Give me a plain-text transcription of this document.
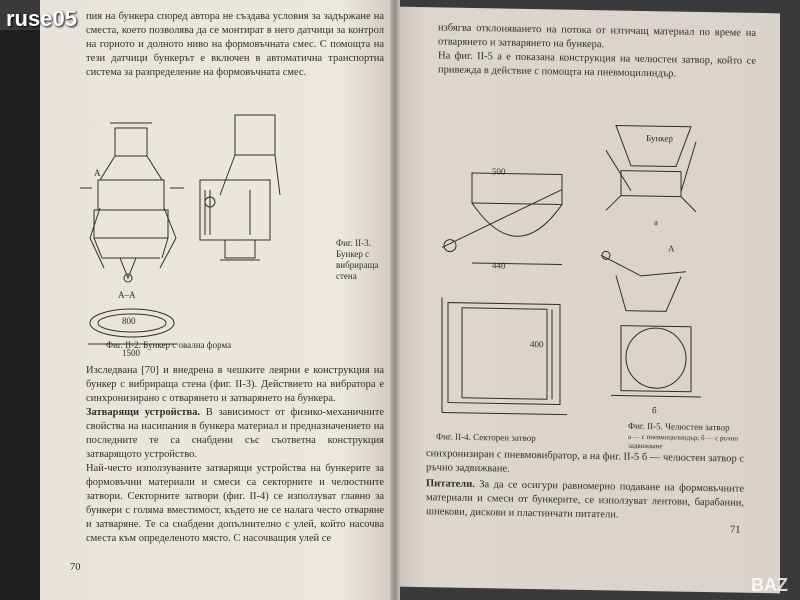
ruse05 пия на бункера според автора не създава условия за задържане на сместа, което позволява да се монтират в него датчици за контрол на горното и долното ниво на формовъчната смес. С помощта на тези датчици бункерът е включен в автоматична транспортна система за разпределение на формовъчната смес.

A
A–A
800
1500
Фиг. II-3. Бункер с вибрираща стена
Фиг. II-2. Бункер с овална форма

Изследвана [70] и внедрена в чешките леярни е конструкция на бункер с вибрираща стена (фиг. II-3). Действието на вибратора е синхронизирано с отварянето и затварянето на бункера.

Затварящи устройства. В зависимост от физико-механичните свойства на насипания в бункера материал и предназначението на последните те са снабдени със съответна конструкция затварящото устройство.

Най-често използуваните затварящи устройства на бункерите за формовъчни материали и смеси са секторните и челюстните затвори. Секторните затвори (фиг. II-4) се използуват главно за бункери с голяма вместимост, където не се налага често отваряне и затваряне. Те са снабдени допълнително с улей, който насочва сместа към определеното място. С насочващия улей се

70

избягва отклоняването на потока от изтичащ материал по време на отварянето и затварянето на бункера.

На фиг. II-5 а е показана конструкция на челюстен затвор, който се привежда в действие с помощта на пневмоцилиндър.

500
440
400
Фиг. II-4. Секторен затвор
Бункер
а
A
б
Фиг. II-5. Челюстен затвор
а — с пневмоцилиндър; б — с ръчно задвижване

синхронизиран с пневмовибратор, а на фиг. II-5 б — челюстен затвор с ръчно задвижване.

Питатели. За да се осигури равномерно подаване на формовъчните материали и смеси от бункерите, се използуват лентови, барабанни, шнекови, дискови и пластинчати питатели.

71
BAZ
